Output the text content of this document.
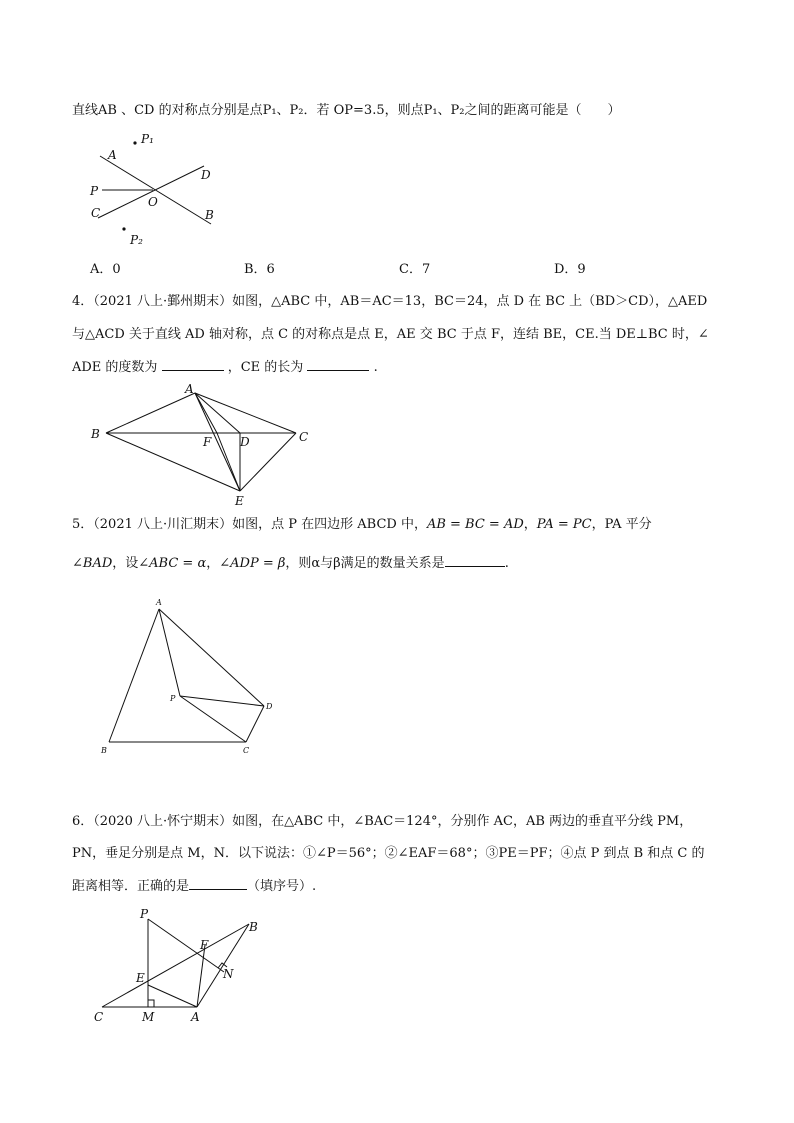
直线AB 、CD 的对称点分别是点P₁、P₂．若 OP=3.5，则点P₁、P₂之间的距离可能是（　　）
P₁
A
D
P
O
C	B
P₂
A．0	B．6	C．7	D．9
4．（2021 八上·鄞州期末）如图，△ABC 中，AB＝AC＝13，BC＝24，点 D 在 BC 上（BD＞CD），△AED
与△ACD 关于直线 AD 轴对称，点 C 的对称点是点 E，AE 交 BC 于点 F，连结 BE，CE.当 DE⊥BC 时，∠
ADE 的度数为	，CE 的长为	.
A
B
F D	C
E
5．（2021 八上·川汇期末）如图，点 P 在四边形 ABCD 中，AB = BC = AD，PA = PC，PA 平分
∠BAD，设∠ABC = α，∠ADP = β，则α与β满足的数量关系是	.
A
P
D
B	C
6．（2020 八上·怀宁期末）如图，在△ABC 中，∠BAC＝124°，分别作 AC，AB 两边的垂直平分线 PM，
PN，垂足分别是点 M，N．以下说法：①∠P＝56°；②∠EAF＝68°；③PE＝PF；④点 P 到点 B 和点 C 的
距离相等．正确的是	（填序号）.
P
F
B
E	N
C	M	A
